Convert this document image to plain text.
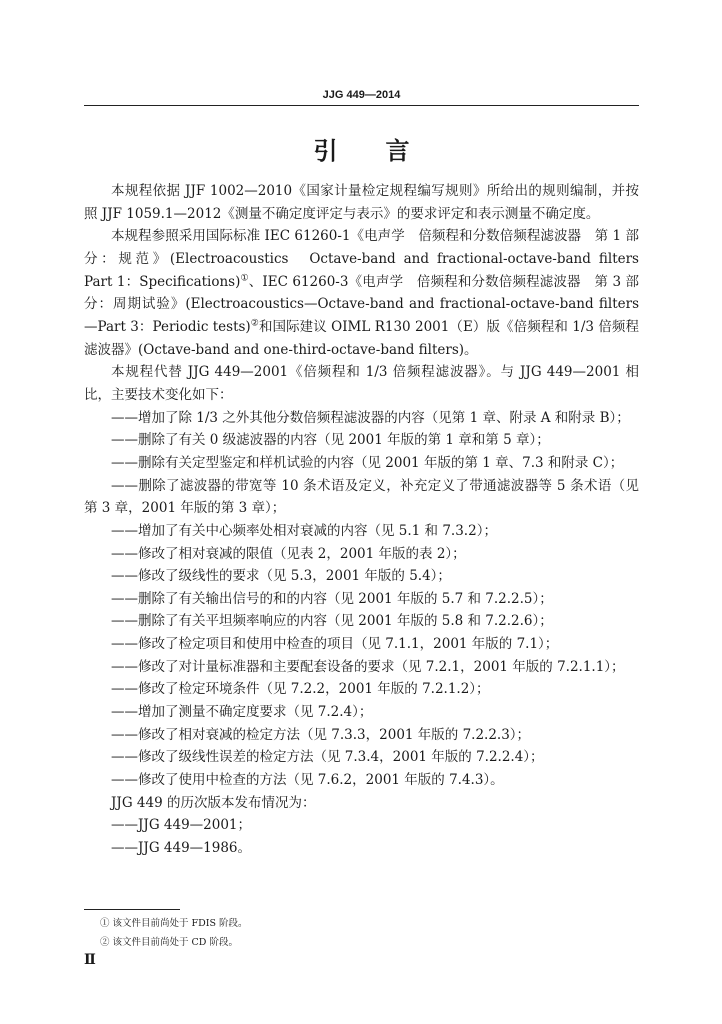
JJG 449—2014
引言

本规程依据 JJF 1002—2010《国家计量检定规程编写规则》所给出的规则编制，并按照 JJF 1059.1—2012《测量不确定度评定与表示》的要求评定和表示测量不确定度。

本规程参照采用国际标准 IEC 61260-1《电声学　倍频程和分数倍频程滤波器　第 1 部分：规范》(Electroacoustics　Octave-band and fractional-octave-band filters　Part 1：Specifications)①、IEC 61260-3《电声学　倍频程和分数倍频程滤波器　第 3 部分：周期试验》(Electroacoustics—Octave-band and fractional-octave-band filters—Part 3：Periodic tests)②和国际建议 OIML R130 2001（E）版《倍频程和 1/3 倍频程滤波器》(Octave-band and one-third-octave-band filters)。

本规程代替 JJG 449—2001《倍频程和 1/3 倍频程滤波器》。与 JJG 449—2001 相比，主要技术变化如下：

——增加了除 1/3 之外其他分数倍频程滤波器的内容（见第 1 章、附录 A 和附录 B）；

——删除了有关 0 级滤波器的内容（见 2001 年版的第 1 章和第 5 章）；

——删除有关定型鉴定和样机试验的内容（见 2001 年版的第 1 章、7.3 和附录 C）；

——删除了滤波器的带宽等 10 条术语及定义，补充定义了带通滤波器等 5 条术语（见第 3 章，2001 年版的第 3 章）；

——增加了有关中心频率处相对衰减的内容（见 5.1 和 7.3.2）；

——修改了相对衰减的限值（见表 2，2001 年版的表 2）；

——修改了级线性的要求（见 5.3，2001 年版的 5.4）；

——删除了有关输出信号的和的内容（见 2001 年版的 5.7 和 7.2.2.5）；

——删除了有关平坦频率响应的内容（见 2001 年版的 5.8 和 7.2.2.6）；

——修改了检定项目和使用中检查的项目（见 7.1.1，2001 年版的 7.1）；

——修改了对计量标准器和主要配套设备的要求（见 7.2.1，2001 年版的 7.2.1.1）；

——修改了检定环境条件（见 7.2.2，2001 年版的 7.2.1.2）；

——增加了测量不确定度要求（见 7.2.4）；

——修改了相对衰减的检定方法（见 7.3.3，2001 年版的 7.2.2.3）；

——修改了级线性误差的检定方法（见 7.3.4，2001 年版的 7.2.2.4）；

——修改了使用中检查的方法（见 7.6.2，2001 年版的 7.4.3）。

JJG 449 的历次版本发布情况为：

——JJG 449—2001；

——JJG 449—1986。

① 该文件目前尚处于 FDIS 阶段。
② 该文件目前尚处于 CD 阶段。
Ⅱ
